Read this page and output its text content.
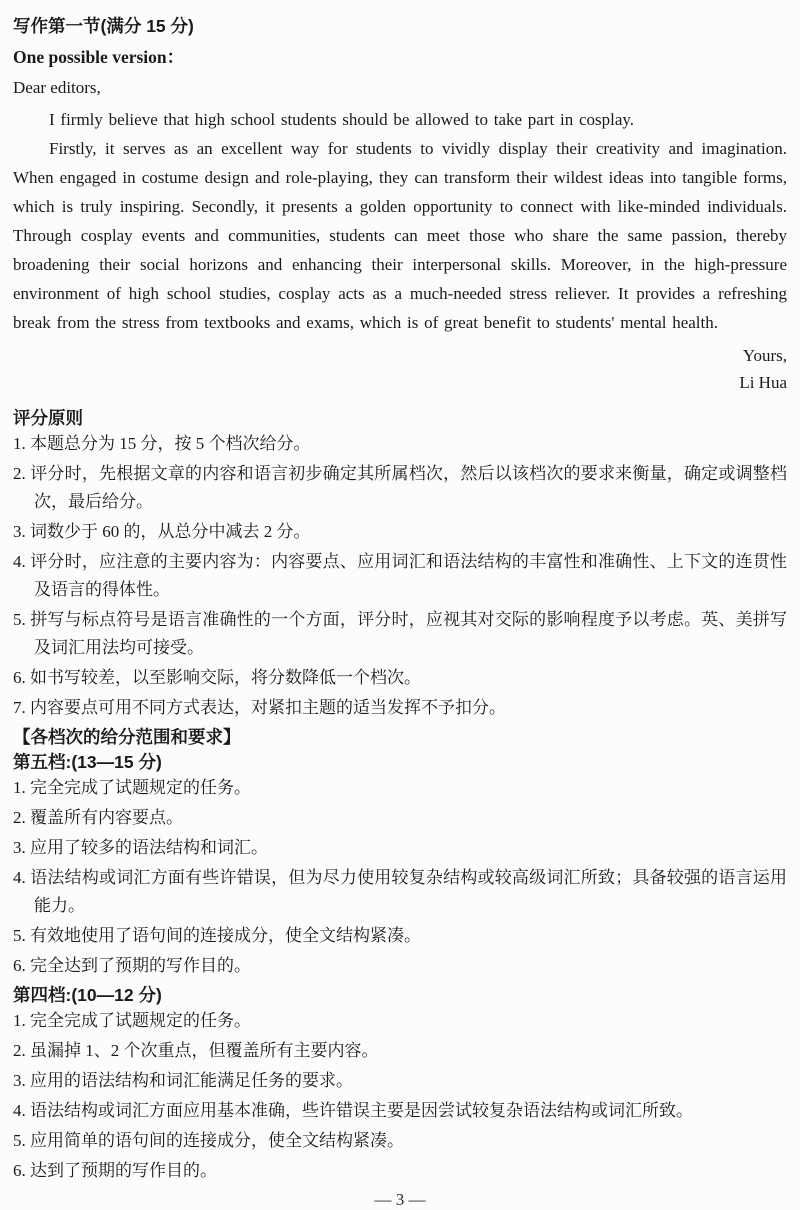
写作第一节(满分 15 分)
One possible version：
Dear editors,
I firmly believe that high school students should be allowed to take part in cosplay.
Firstly, it serves as an excellent way for students to vividly display their creativity and imagination. When engaged in costume design and role-playing, they can transform their wildest ideas into tangible forms, which is truly inspiring. Secondly, it presents a golden opportunity to connect with like-minded individuals. Through cosplay events and communities, students can meet those who share the same passion, thereby broadening their social horizons and enhancing their interpersonal skills. Moreover, in the high-pressure environment of high school studies, cosplay acts as a much-needed stress reliever. It provides a refreshing break from the stress from textbooks and exams, which is of great benefit to students' mental health.
Yours,
Li Hua
评分原则
1. 本题总分为 15 分，按 5 个档次给分。
2. 评分时，先根据文章的内容和语言初步确定其所属档次，然后以该档次的要求来衡量，确定或调整档次，最后给分。
3. 词数少于 60 的，从总分中减去 2 分。
4. 评分时，应注意的主要内容为：内容要点、应用词汇和语法结构的丰富性和准确性、上下文的连贯性及语言的得体性。
5. 拼写与标点符号是语言准确性的一个方面，评分时，应视其对交际的影响程度予以考虑。英、美拼写及词汇用法均可接受。
6. 如书写较差，以至影响交际，将分数降低一个档次。
7. 内容要点可用不同方式表达，对紧扣主题的适当发挥不予扣分。
【各档次的给分范围和要求】
第五档:(13—15 分)
1. 完全完成了试题规定的任务。
2. 覆盖所有内容要点。
3. 应用了较多的语法结构和词汇。
4. 语法结构或词汇方面有些许错误，但为尽力使用较复杂结构或较高级词汇所致；具备较强的语言运用能力。
5. 有效地使用了语句间的连接成分，使全文结构紧凑。
6. 完全达到了预期的写作目的。
第四档:(10—12 分)
1. 完全完成了试题规定的任务。
2. 虽漏掉 1、2 个次重点，但覆盖所有主要内容。
3. 应用的语法结构和词汇能满足任务的要求。
4. 语法结构或词汇方面应用基本准确，些许错误主要是因尝试较复杂语法结构或词汇所致。
5. 应用简单的语句间的连接成分，使全文结构紧凑。
6. 达到了预期的写作目的。
— 3 —
